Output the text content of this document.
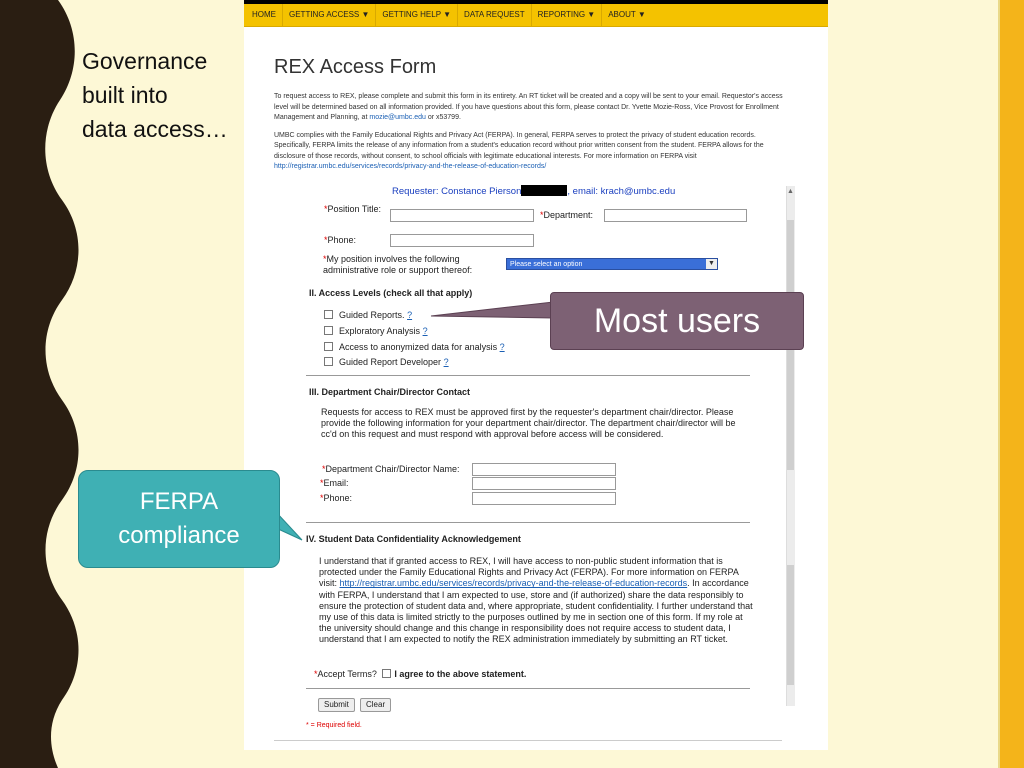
Governance
built into
data access…
HOME	GETTING ACCESS ▼	GETTING HELP ▼	DATA REQUEST	REPORTING ▼	ABOUT ▼
REX Access Form

To request access to REX, please complete and submit this form in its entirety. An RT ticket will be created and a copy will be sent to your email. Requestor's access level will be determined based on all information provided. If you have questions about this form, please contact Dr. Yvette Mozie-Ross, Vice Provost for Enrollment Management and Planning, at mozie@umbc.edu or x53799.

UMBC complies with the Family Educational Rights and Privacy Act (FERPA). In general, FERPA serves to protect the privacy of student education records. Specifically, FERPA limits the release of any information from a student's education record without prior written consent from the student. FERPA allows for the disclosure of those records, without consent, to school officials with legitimate educational interests. For more information on FERPA visit http://registrar.umbc.edu/services/records/privacy-and-the-release-of-education-records/

Requester: Constance Pierson	, email: krach@umbc.edu	▲
*Position Title:
*Department:
*Phone:
*My position involves the following administrative role or support thereof:
Please select an option	▼
II. Access Levels (check all that apply)
Guided Reports. ?
Exploratory Analysis ?
Access to anonymized data for analysis ?
Guided Report Developer ?
III. Department Chair/Director Contact
Requests for access to REX must be approved first by the requester's department chair/director. Please provide the following information for your department chair/director. The department chair/director will be cc'd on this request and must respond with approval before access will be considered.
*Department Chair/Director Name:
*Email:
*Phone:
IV. Student Data Confidentiality Acknowledgement
I understand that if granted access to REX, I will have access to non-public student information that is protected under the Family Educational Rights and Privacy Act (FERPA). For more information on FERPA visit: http://registrar.umbc.edu/services/records/privacy-and-the-release-of-education-records. In accordance with FERPA, I understand that I am expected to use, store and (if authorized) share the data responsibly to ensure the protection of student data and, where appropriate, student confidentiality. I further understand that my use of this data is limited strictly to the purposes outlined by me in section one of this form. If my role at the university should change and this change in responsibility does not require access to student data, I understand that I am expected to notify the REX administration immediately by submitting an RT ticket.
*Accept Terms? I agree to the above statement.
Submit	Clear
* = Required field.
Most users
FERPA
compliance
